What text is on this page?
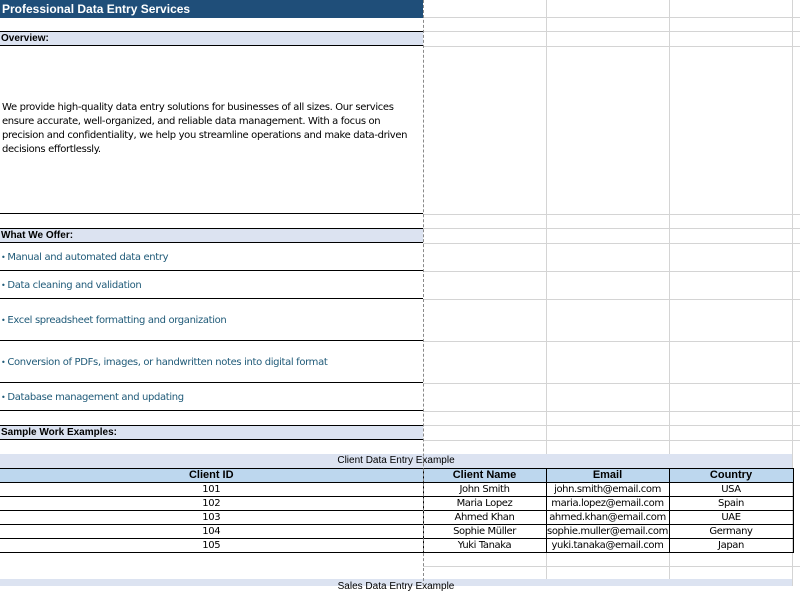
Professional Data Entry Services
Overview:
We provide high-quality data entry solutions for businesses of all sizes. Our services ensure accurate, well-organized, and reliable data management. With a focus on precision and confidentiality, we help you streamline operations and make data-driven decisions effortlessly.
What We Offer:
• Manual and automated data entry
• Data cleaning and validation
• Excel spreadsheet formatting and organization
• Conversion of PDFs, images, or handwritten notes into digital format
• Database management and updating
Sample Work Examples:
Client Data Entry Example
Client ID	Client Name	Email	Country
101	John Smith	john.smith@email.com	USA
102	Maria Lopez	maria.lopez@email.com	Spain
103	Ahmed Khan	ahmed.khan@email.com	UAE
104	Sophie Müller	sophie.muller@email.com	Germany
105	Yuki Tanaka	yuki.tanaka@email.com	Japan
Sales Data Entry Example
